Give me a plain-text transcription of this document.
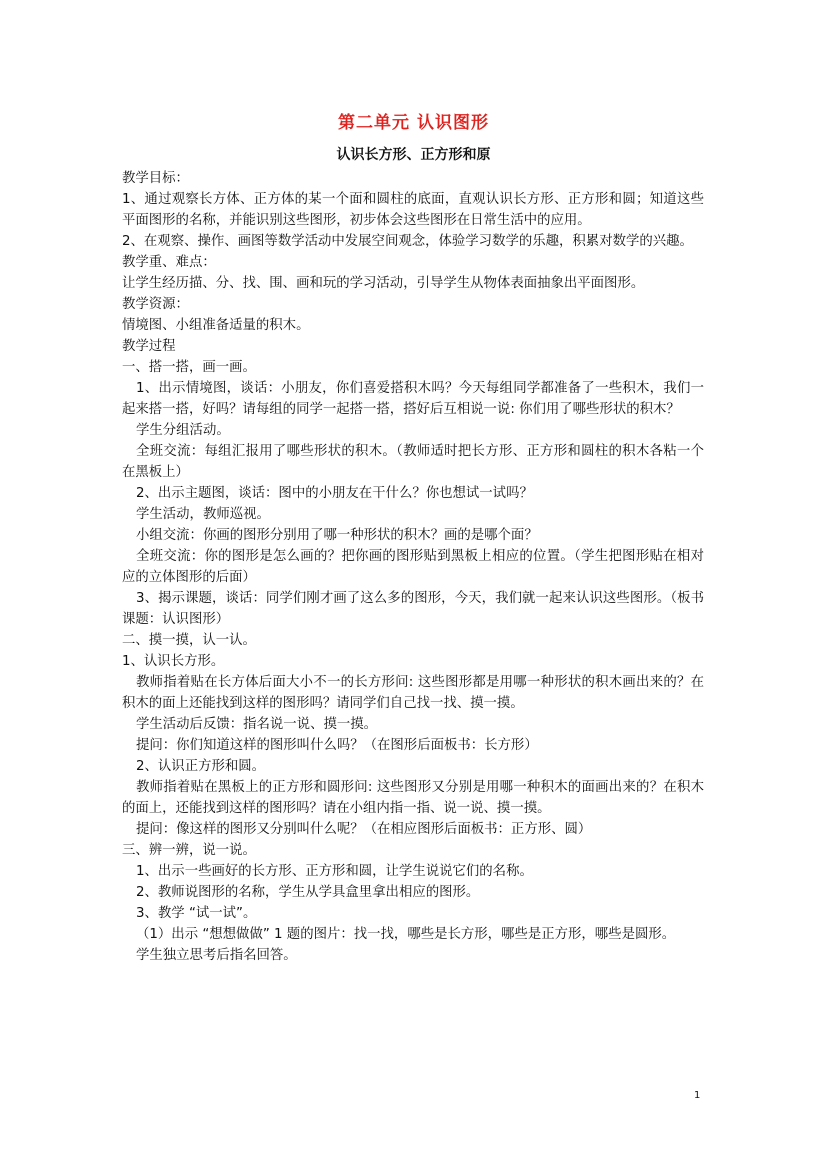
第二单元 认识图形
认识长方形、正方形和原

教学目标：

1、通过观察长方体、正方体的某一个面和圆柱的底面，直观认识长方形、正方形和圆；知道这些平面图形的名称，并能识别这些图形，初步体会这些图形在日常生活中的应用。

2、在观察、操作、画图等数学活动中发展空间观念，体验学习数学的乐趣，积累对数学的兴趣。

教学重、难点：

让学生经历描、分、找、围、画和玩的学习活动，引导学生从物体表面抽象出平面图形。

教学资源：

情境图、小组准备适量的积木。

教学过程

一、搭一搭，画一画。

1、出示情境图，谈话：小朋友，你们喜爱搭积木吗？今天每组同学都准备了一些积木，我们一起来搭一搭，好吗？请每组的同学一起搭一搭，搭好后互相说一说: 你们用了哪些形状的积木？

学生分组活动。

全班交流：每组汇报用了哪些形状的积木。（教师适时把长方形、正方形和圆柱的积木各粘一个在黑板上）

2、出示主题图，谈话：图中的小朋友在干什么？你也想试一试吗？

学生活动，教师巡视。

小组交流：你画的图形分别用了哪一种形状的积木？画的是哪个面？

全班交流：你的图形是怎么画的？把你画的图形贴到黑板上相应的位置。（学生把图形贴在相对应的立体图形的后面）

3、揭示课题，谈话：同学们刚才画了这么多的图形，今天，我们就一起来认识这些图形。（板书课题：认识图形）

二、摸一摸，认一认。

1、认识长方形。

教师指着贴在长方体后面大小不一的长方形问: 这些图形都是用哪一种形状的积木画出来的？在积木的面上还能找到这样的图形吗？请同学们自己找一找、摸一摸。

学生活动后反馈：指名说一说、摸一摸。

提问：你们知道这样的图形叫什么吗？（在图形后面板书：长方形）

2、认识正方形和圆。

教师指着贴在黑板上的正方形和圆形问: 这些图形又分别是用哪一种积木的面画出来的？在积木的面上，还能找到这样的图形吗？请在小组内指一指、说一说、摸一摸。

提问：像这样的图形又分别叫什么呢？（在相应图形后面板书：正方形、圆）

三、辨一辨，说一说。

1、出示一些画好的长方形、正方形和圆，让学生说说它们的名称。

2、教师说图形的名称，学生从学具盒里拿出相应的图形。

3、教学 “试一试”。

（1）出示 “想想做做” 1 题的图片：找一找，哪些是长方形，哪些是正方形，哪些是圆形。

学生独立思考后指名回答。

1
